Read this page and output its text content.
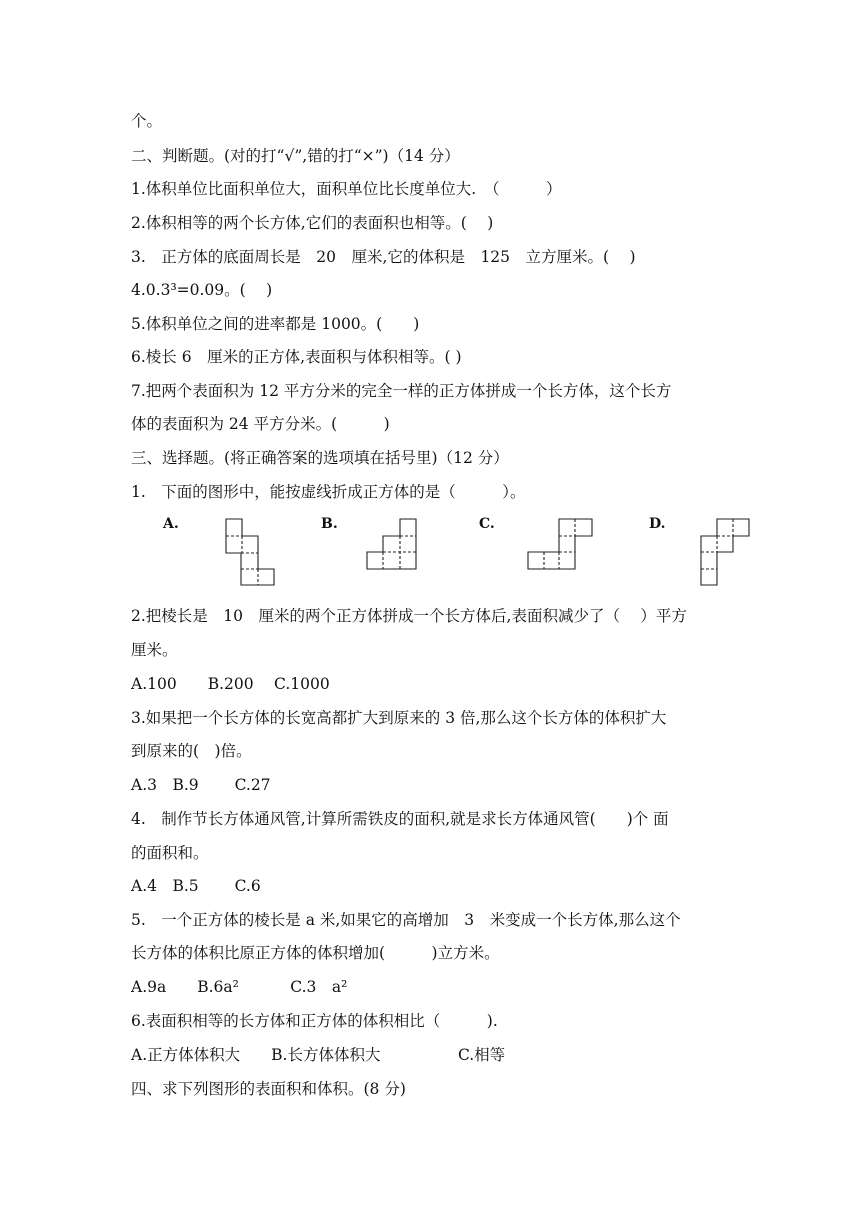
个。
二、判断题。(对的打“√”,错的打“×”)（14 分）
1.体积单位比面积单位大，面积单位比长度单位大.　（　　　）
2.体积相等的两个长方体,它们的表面积也相等。(　 )
3.　正方体的底面周长是　20　厘米,它的体积是　125　立方厘米。(　 )
4.0.3³=0.09。(　 )
5.体积单位之间的进率都是 1000。(　　)
6.棱长 6　厘米的正方体,表面积与体积相等。( )
7.把两个表面积为 12 平方分米的完全一样的正方体拼成一个长方体，这个长方
体的表面积为 24 平方分米。(　　　)
三、选择题。(将正确答案的选项填在括号里)（12 分）
1.　下面的图形中，能按虚线折成正方体的是（　　　）。
A.	B.	C.	D.
2.把棱长是　10　厘米的两个正方体拼成一个长方体后,表面积减少了（　 ）平方
厘米。
A.100　　B.200　 C.1000
3.如果把一个长方体的长宽高都扩大到原来的 3 倍,那么这个长方体的体积扩大
到原来的(　)倍。
A.3　B.9　　 C.27
4.　制作节长方体通风管,计算所需铁皮的面积,就是求长方体通风管(　　)个 面
的面积和。
A.4　B.5　　 C.6
5.　一个正方体的棱长是 a 米,如果它的高增加　3　米变成一个长方体,那么这个
长方体的体积比原正方体的体积增加(　　　)立方米。
A.9a　　B.6a²　　　 C.3　a²
6.表面积相等的长方体和正方体的体积相比（　　　).
A.正方体体积大　　B.长方体体积大　　　　　C.相等
四、求下列图形的表面积和体积。(8 分)
